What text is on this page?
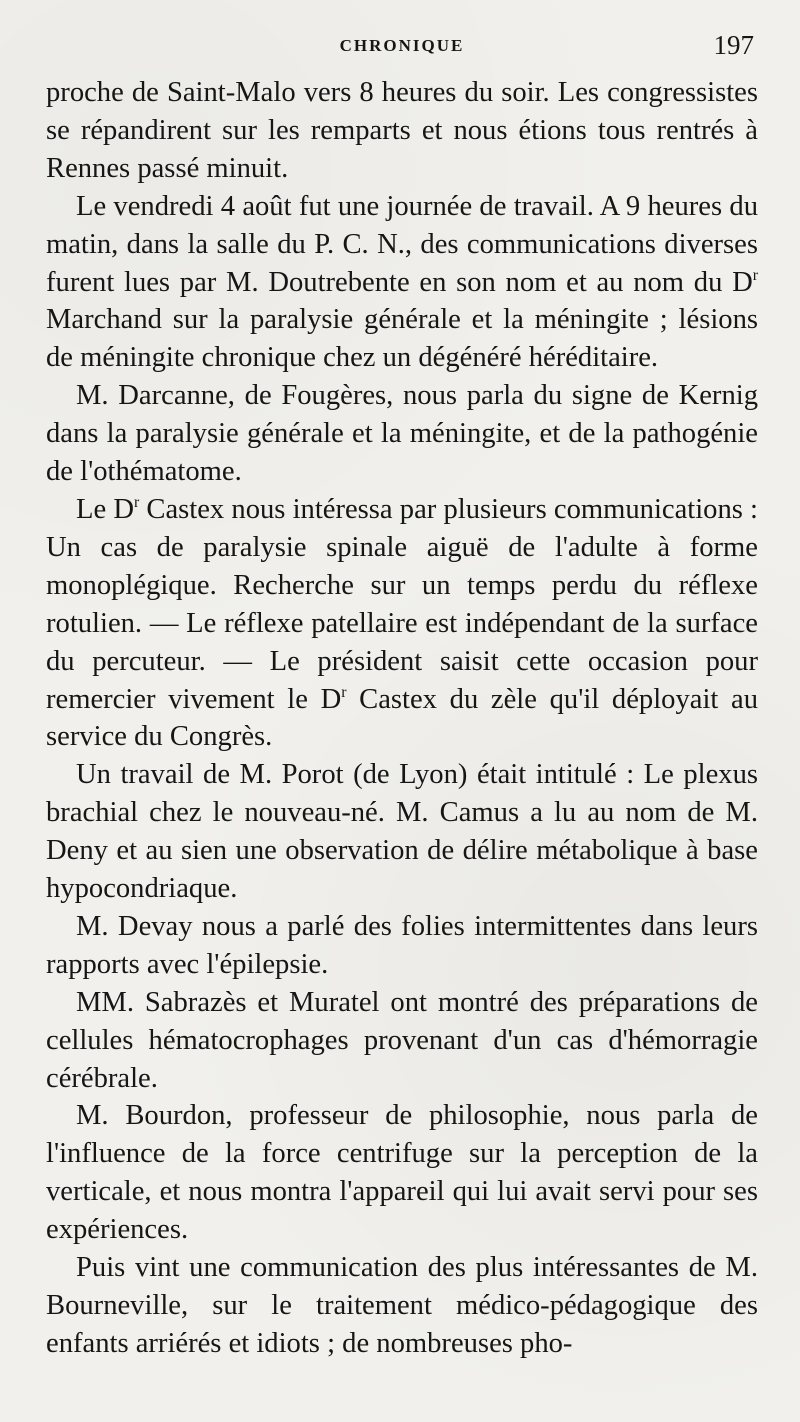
CHRONIQUE	197

proche de Saint-Malo vers 8 heures du soir. Les congressistes se répandirent sur les remparts et nous étions tous rentrés à Rennes passé minuit.

Le vendredi 4 août fut une journée de travail. A 9 heures du matin, dans la salle du P. C. N., des communications diverses furent lues par M. Doutrebente en son nom et au nom du $D^r$ Marchand sur la paralysie générale et la méningite ; lésions de méningite chronique chez un dégénéré héréditaire.

M. Darcanne, de Fougères, nous parla du signe de Kernig dans la paralysie générale et la méningite, et de la pathogénie de l'othématome.

Le $D^r$ Castex nous intéressa par plusieurs communications : Un cas de paralysie spinale aiguë de l'adulte à forme monoplégique. Recherche sur un temps perdu du réflexe rotulien. — Le réflexe patellaire est indépendant de la surface du percuteur. — Le président saisit cette occasion pour remercier vivement le $D^r$ Castex du zèle qu'il déployait au service du Congrès.

Un travail de M. Porot (de Lyon) était intitulé : Le plexus brachial chez le nouveau-né. M. Camus a lu au nom de M. Deny et au sien une observation de délire métabolique à base hypocondriaque.

M. Devay nous a parlé des folies intermittentes dans leurs rapports avec l'épilepsie.

MM. Sabrazès et Muratel ont montré des préparations de cellules hématocrophages provenant d'un cas d'hémorragie cérébrale.

M. Bourdon, professeur de philosophie, nous parla de l'influence de la force centrifuge sur la perception de la verticale, et nous montra l'appareil qui lui avait servi pour ses expériences.

Puis vint une communication des plus intéressantes de M. Bourneville, sur le traitement médico-pédagogique des enfants arriérés et idiots ; de nombreuses pho-
